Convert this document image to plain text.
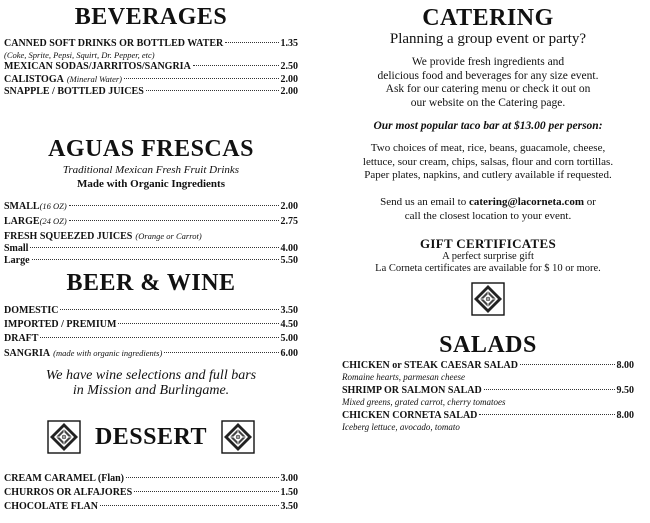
BEVERAGES
CANNED SOFT DRINKS OR BOTTLED WATER	1.35
(Coke, Sprite, Pepsi, Squirt, Dr. Pepper, etc)
MEXICAN SODAS/JARRITOS/SANGRIA	2.50
CALISTOGA (Mineral Water)	2.00
SNAPPLE / BOTTLED JUICES	2.00
AGUAS FRESCAS
Traditional Mexican Fresh Fruit Drinks
Made with Organic Ingredients
SMALL (16 OZ)	2.00
LARGE (24 OZ)	2.75
FRESH SQUEEZED JUICES (Orange or Carrot)
Small	4.00
Large	5.50
BEER & WINE
DOMESTIC	3.50
IMPORTED / PREMIUM	4.50
DRAFT	5.00
SANGRIA (made with organic ingredients)	6.00
We have wine selections and full bars
in Mission and Burlingame.
DESSERT
CREAM CARAMEL (Flan)	3.00
CHURROS OR ALFAJORES	1.50
CHOCOLATE FLAN	3.50
CATERING
Planning a group event or party?
We provide fresh ingredients and
delicious food and beverages for any size event.
Ask for our catering menu or check it out on
our website on the Catering page.
Our most popular taco bar at $13.00 per person:
Two choices of meat, rice, beans, guacamole, cheese,
lettuce, sour cream, chips, salsas, flour and corn tortillas.
Paper plates, napkins, and cutlery available if requested.
Send us an email to catering@lacorneta.com or
call the closest location to your event.
GIFT CERTIFICATES
A perfect surprise gift
La Corneta certificates are available for $ 10 or more.
SALADS
CHICKEN or STEAK CAESAR SALAD	8.00
Romaine hearts, parmesan cheese
SHRIMP OR SALMON SALAD	9.50
Mixed greens, grated carrot, cherry tomatoes
CHICKEN CORNETA SALAD	8.00
Iceberg lettuce, avocado, tomato
